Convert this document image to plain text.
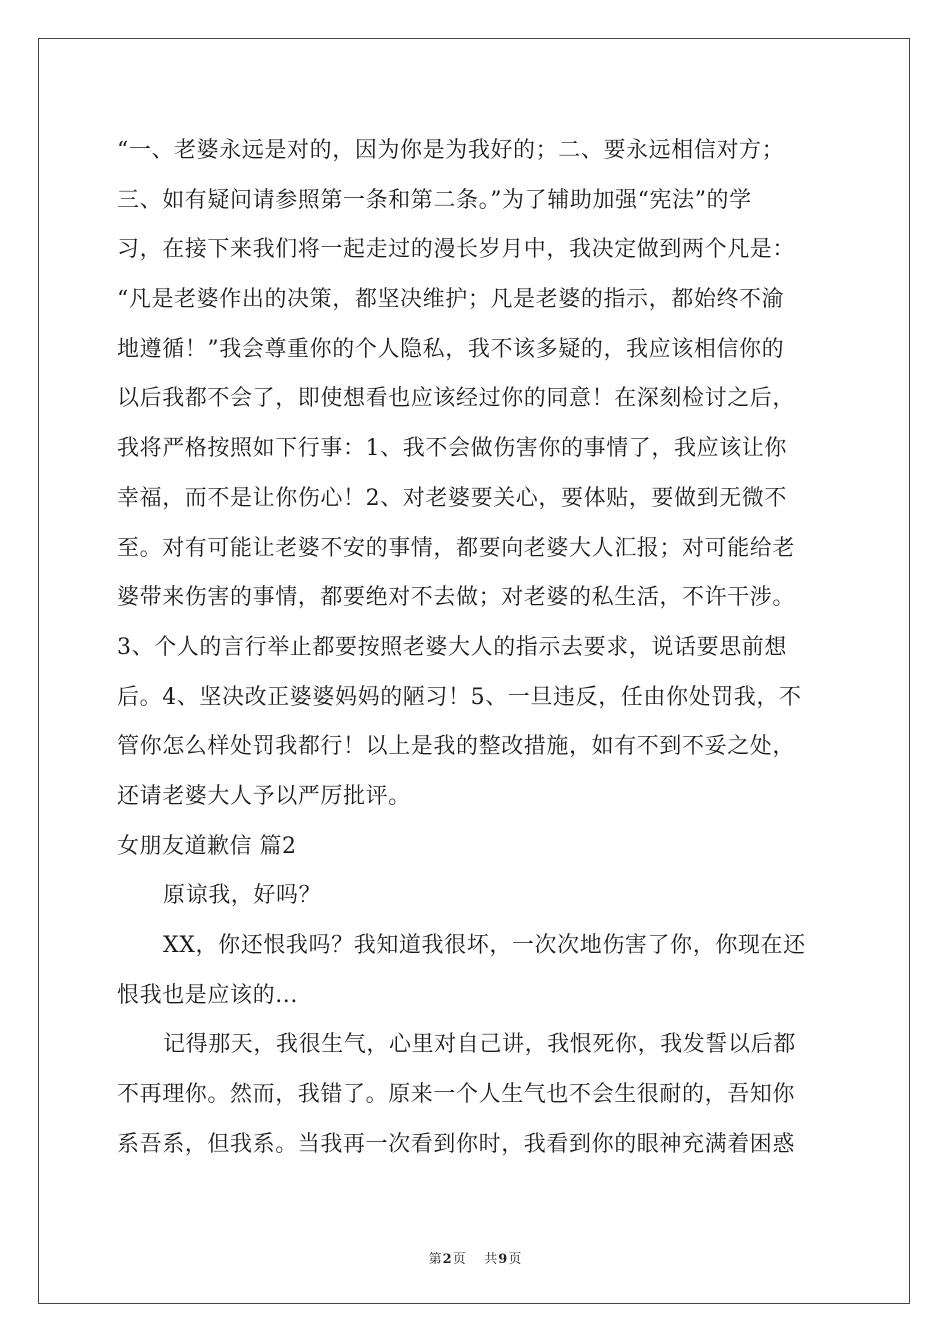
“一、老婆永远是对的，因为你是为我好的；二、要永远相信对方；
三、如有疑问请参照第一条和第二条。”为了辅助加强“宪法”的学
习，在接下来我们将一起走过的漫长岁月中，我决定做到两个凡是：
“凡是老婆作出的决策，都坚决维护；凡是老婆的指示，都始终不渝
地遵循！”我会尊重你的个人隐私，我不该多疑的，我应该相信你的
以后我都不会了，即使想看也应该经过你的同意！在深刻检讨之后，
我将严格按照如下行事：1、我不会做伤害你的事情了，我应该让你
幸福，而不是让你伤心！2、对老婆要关心，要体贴，要做到无微不
至。对有可能让老婆不安的事情，都要向老婆大人汇报；对可能给老
婆带来伤害的事情，都要绝对不去做；对老婆的私生活，不许干涉。
3、个人的言行举止都要按照老婆大人的指示去要求，说话要思前想
后。4、坚决改正婆婆妈妈的陋习！5、一旦违反，任由你处罚我，不
管你怎么样处罚我都行！以上是我的整改措施，如有不到不妥之处，
还请老婆大人予以严厉批评。
女朋友道歉信 篇2
原谅我，好吗？
XX，你还恨我吗？我知道我很坏，一次次地伤害了你，你现在还
恨我也是应该的...
记得那天，我很生气，心里对自己讲，我恨死你，我发誓以后都
不再理你。然而，我错了。原来一个人生气也不会生很耐的，吾知你
系吾系，但我系。当我再一次看到你时，我看到你的眼神充满着困惑
第2页 共9页
